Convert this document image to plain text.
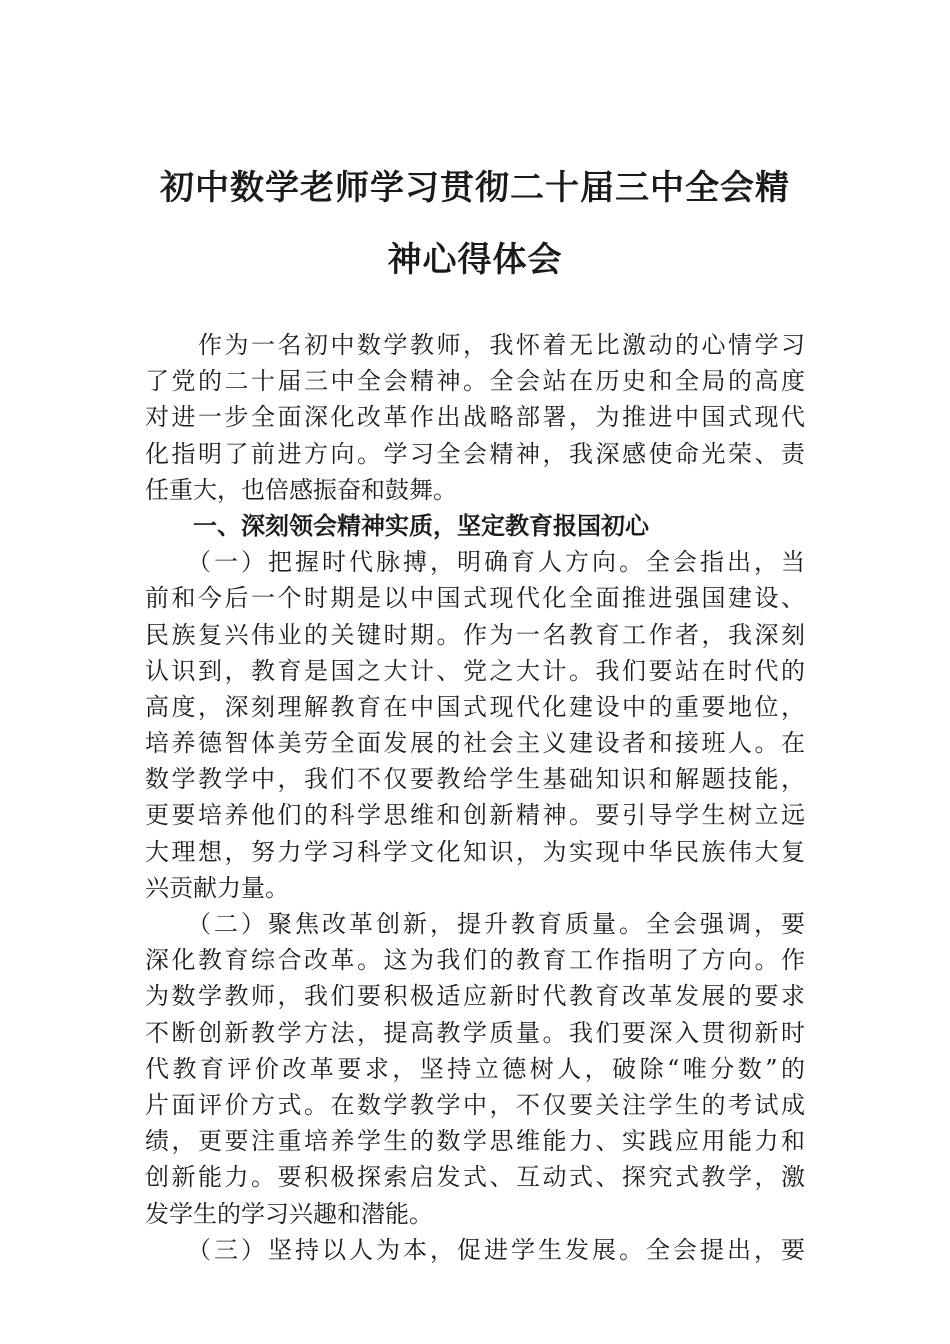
初中数学老师学习贯彻二十届三中全会精
神心得体会
　　作为一名初中数学教师，我怀着无比激动的心情学习
了党的二十届三中全会精神。全会站在历史和全局的高度
对进一步全面深化改革作出战略部署，为推进中国式现代
化指明了前进方向。学习全会精神，我深感使命光荣、责
任重大，也倍感振奋和鼓舞。
一、深刻领会精神实质，坚定教育报国初心
　　（一）把握时代脉搏，明确育人方向。全会指出，当
前和今后一个时期是以中国式现代化全面推进强国建设、
民族复兴伟业的关键时期。作为一名教育工作者，我深刻
认识到，教育是国之大计、党之大计。我们要站在时代的
高度，深刻理解教育在中国式现代化建设中的重要地位，
培养德智体美劳全面发展的社会主义建设者和接班人。在
数学教学中，我们不仅要教给学生基础知识和解题技能，
更要培养他们的科学思维和创新精神。要引导学生树立远
大理想，努力学习科学文化知识，为实现中华民族伟大复
兴贡献力量。
　　（二）聚焦改革创新，提升教育质量。全会强调，要
深化教育综合改革。这为我们的教育工作指明了方向。作
为数学教师，我们要积极适应新时代教育改革发展的要求
不断创新教学方法，提高教学质量。我们要深入贯彻新时
代教育评价改革要求，坚持立德树人，破除“唯分数”的
片面评价方式。在数学教学中，不仅要关注学生的考试成
绩，更要注重培养学生的数学思维能力、实践应用能力和
创新能力。要积极探索启发式、互动式、探究式教学，激
发学生的学习兴趣和潜能。
　　（三）坚持以人为本，促进学生发展。全会提出，要
